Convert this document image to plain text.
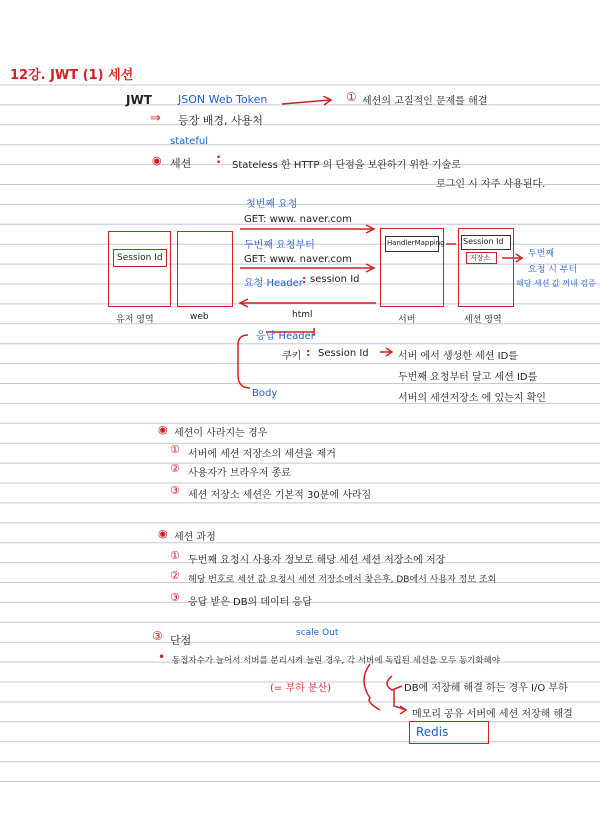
12강. JWT (1) 세션
JWT JSON Web Token	① 세션의 고질적인 문제를 해결
⇒ 등장 배경, 사용처
stateful
◉ 세션 : Stateless 한 HTTP 의 단점을 보완하기 위한 기술로
로그인 시 자주 사용된다.
첫번째 요청
GET: www. naver.com
두번째 요청부터
GET: www. naver.com
요청 Header : session Id
html
Session Id
HandlerMapping Session Id
저장소	두번째
요청 시 부터
해당 세션 값 꺼내 검증
유저 영역	web	서버	세션 영역
응답 Header
쿠키 : Session Id	서버 에서 생성한 세션 ID를
두번째 요청부터 달고 세션 ID를
서버의 세션저장소 에 있는지 확인
Body
◉ 세션이 사라지는 경우
① 서버에 세션 저장소의 세션을 제거
② 사용자가 브라우저 종료
③ 세션 저장소 세션은 기본적 30분에 사라짐
◉ 세션 과정
① 두번째 요청시 사용자 정보로 해당 세션 세션 저장소에 저장
② 해당 번호로 세션 값 요청시 세션 저장소에서 찾은후, DB에서 사용자 정보 조회
③ 응답 받은 DB의 데이터 응답
③ 단점
scale Out
• 동접자수가 늘어서 서버를 분리시켜 늘린 경우, 각 서버에 독립된 세션을 모두 동기화해야
(= 부하 분산)	DB에 저장해 해결 하는 경우 I/O 부하
메모리 공유 서버에 세션 저장해 해결
Redis
